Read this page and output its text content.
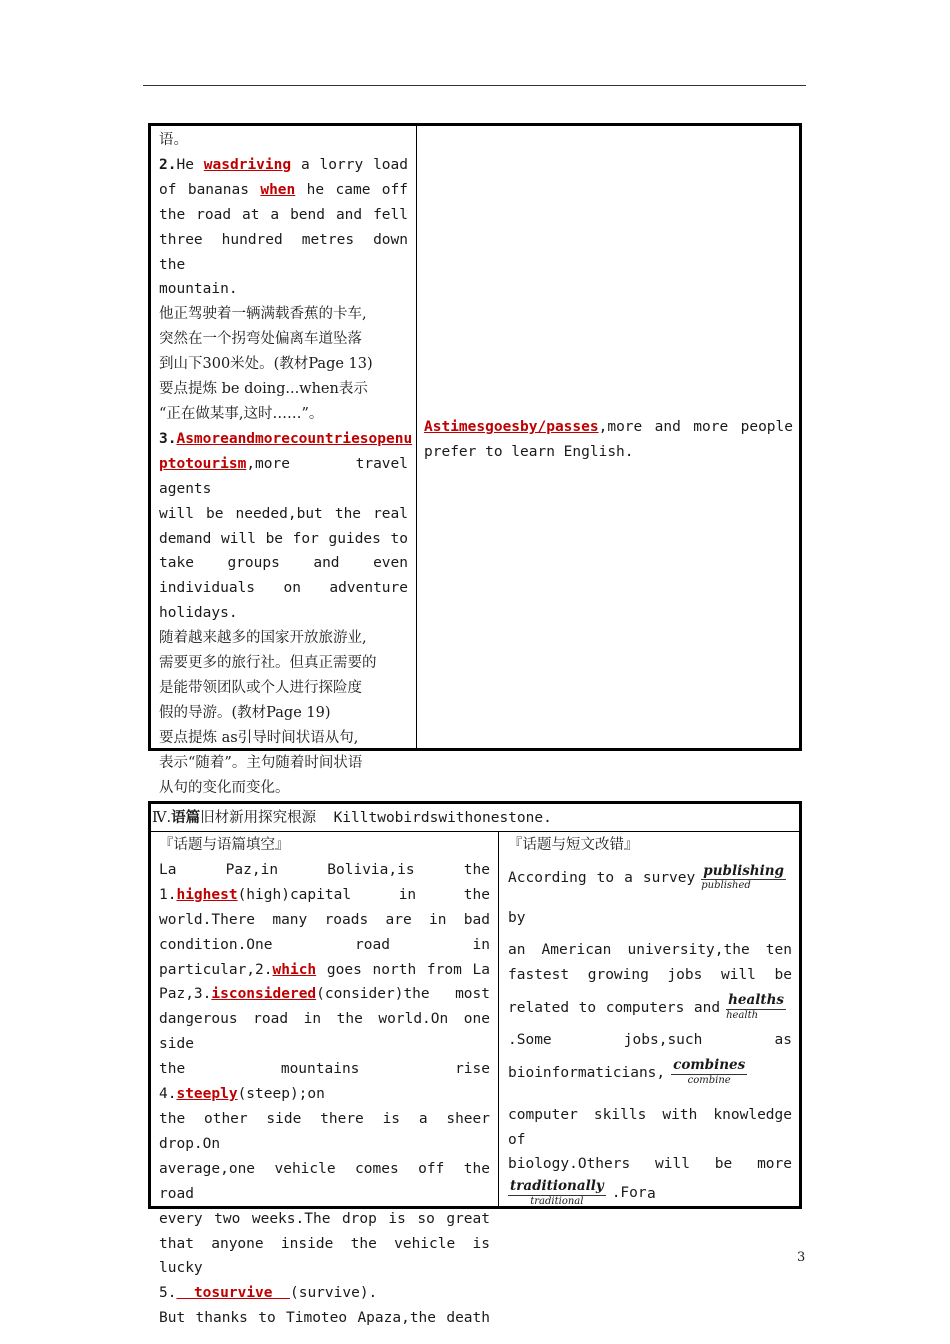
语。
2.He wasdriving a lorry load
of bananas when he came off
the road at a bend and fell
three hundred metres down the
mountain.
他正驾驶着一辆满载香蕉的卡车,
突然在一个拐弯处偏离车道坠落
到山下300米处。(教材Page 13)
要点提炼 be doing...when表示
“正在做某事,这时……”。
3.Asmoreandmorecountriesopenu
ptotourism,more travel agents
will be needed,but the real
demand will be for guides to
take groups and even
individuals on adventure
holidays.
随着越来越多的国家开放旅游业,
需要更多的旅行社。但真正需要的
是能带领团队或个人进行探险度
假的导游。(教材Page 19)
要点提炼 as引导时间状语从句,
表示“随着”。主句随着时间状语
从句的变化而变化。
Astimesgoesby/passes,more and more people
prefer to learn English.
Ⅳ.语篇旧材新用探究根源 Killtwobirdswithonestone.
『话题与语篇填空』
La Paz,in Bolivia,is the
1.highest(high)capital in the
world.There many roads are in bad
condition.One road in
particular,2.which goes north from La
Paz,3.isconsidered(consider)the most
dangerous road in the world.On one side
the mountains rise 4.steeply(steep);on
the other side there is a sheer drop.On
average,one vehicle comes off the road
every two weeks.The drop is so great
that anyone inside the vehicle is lucky
5. tosurvive (survive).
But thanks to Timoteo Apaza,the death
『话题与短文改错』
According to a survey publishing
published
by
an American university,the ten
fastest growing jobs will be
related to computers and healths
health
.Some jobs,such as
bioinformaticians, combines
combine
computer skills with knowledge of
biology.Others will be more
traditionally
traditional	.For a
3
